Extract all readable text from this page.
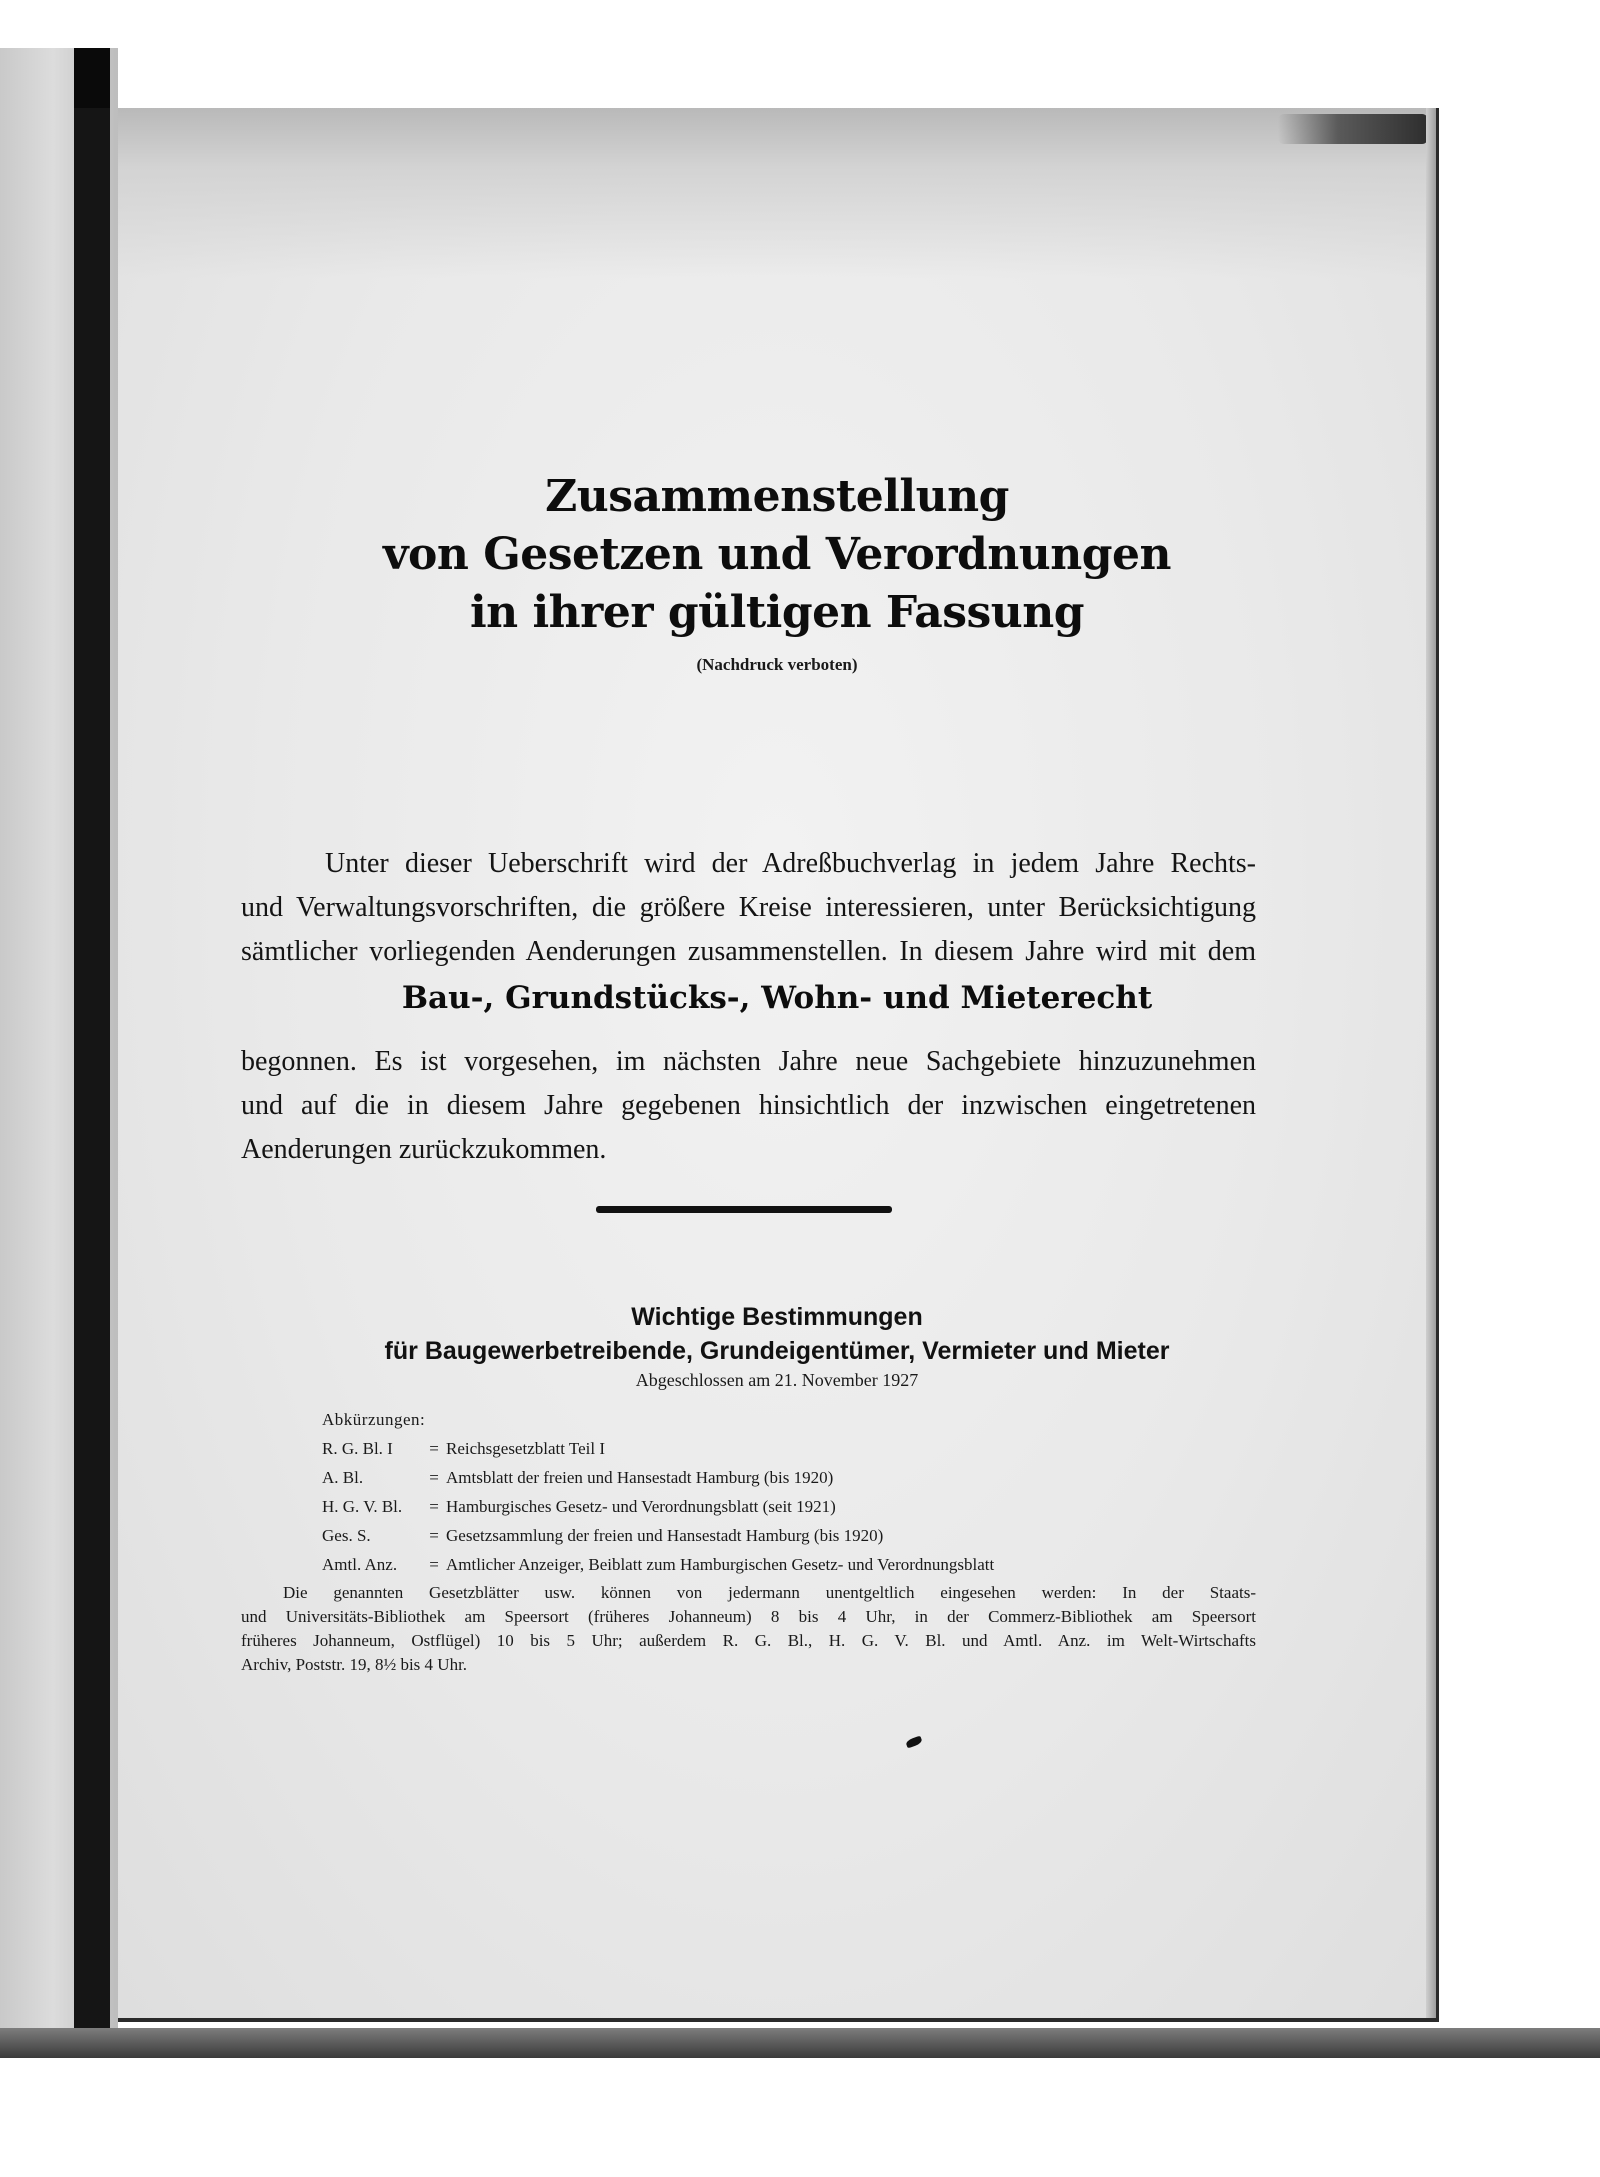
Zusammenstellung
von Gesetzen und Verordnungen
in ihrer gültigen Fassung
(Nachdruck verboten)
Unter dieser Ueberschrift wird der Adreßbuchverlag in jedem Jahre Rechts-
und Verwaltungsvorschriften, die größere Kreise interessieren, unter Berücksichtigung
sämtlicher vorliegenden Aenderungen zusammenstellen. In diesem Jahre wird mit dem
Bau-, Grundstücks-, Wohn- und Mieterecht
begonnen. Es ist vorgesehen, im nächsten Jahre neue Sachgebiete hinzuzunehmen
und auf die in diesem Jahre gegebenen hinsichtlich der inzwischen eingetretenen
Aenderungen zurückzukommen.
Wichtige Bestimmungen
für Baugewerbetreibende, Grundeigentümer, Vermieter und Mieter
Abgeschlossen am 21. November 1927
Abkürzungen:
R. G. Bl. I	= Reichsgesetzblatt Teil I
A. Bl.	= Amtsblatt der freien und Hansestadt Hamburg (bis 1920)
H. G. V. Bl.	= Hamburgisches Gesetz- und Verordnungsblatt (seit 1921)
Ges. S.	= Gesetzsammlung der freien und Hansestadt Hamburg (bis 1920)
Amtl. Anz.	= Amtlicher Anzeiger, Beiblatt zum Hamburgischen Gesetz- und Verordnungsblatt
Die genannten Gesetzblätter usw. können von jedermann unentgeltlich eingesehen werden: In der Staats-
und Universitäts-Bibliothek am Speersort (früheres Johanneum) 8 bis 4 Uhr, in der Commerz-Bibliothek am Speersort
früheres Johanneum, Ostflügel) 10 bis 5 Uhr; außerdem R. G. Bl., H. G. V. Bl. und Amtl. Anz. im Welt-Wirtschafts
Archiv, Poststr. 19, 8½ bis 4 Uhr.
